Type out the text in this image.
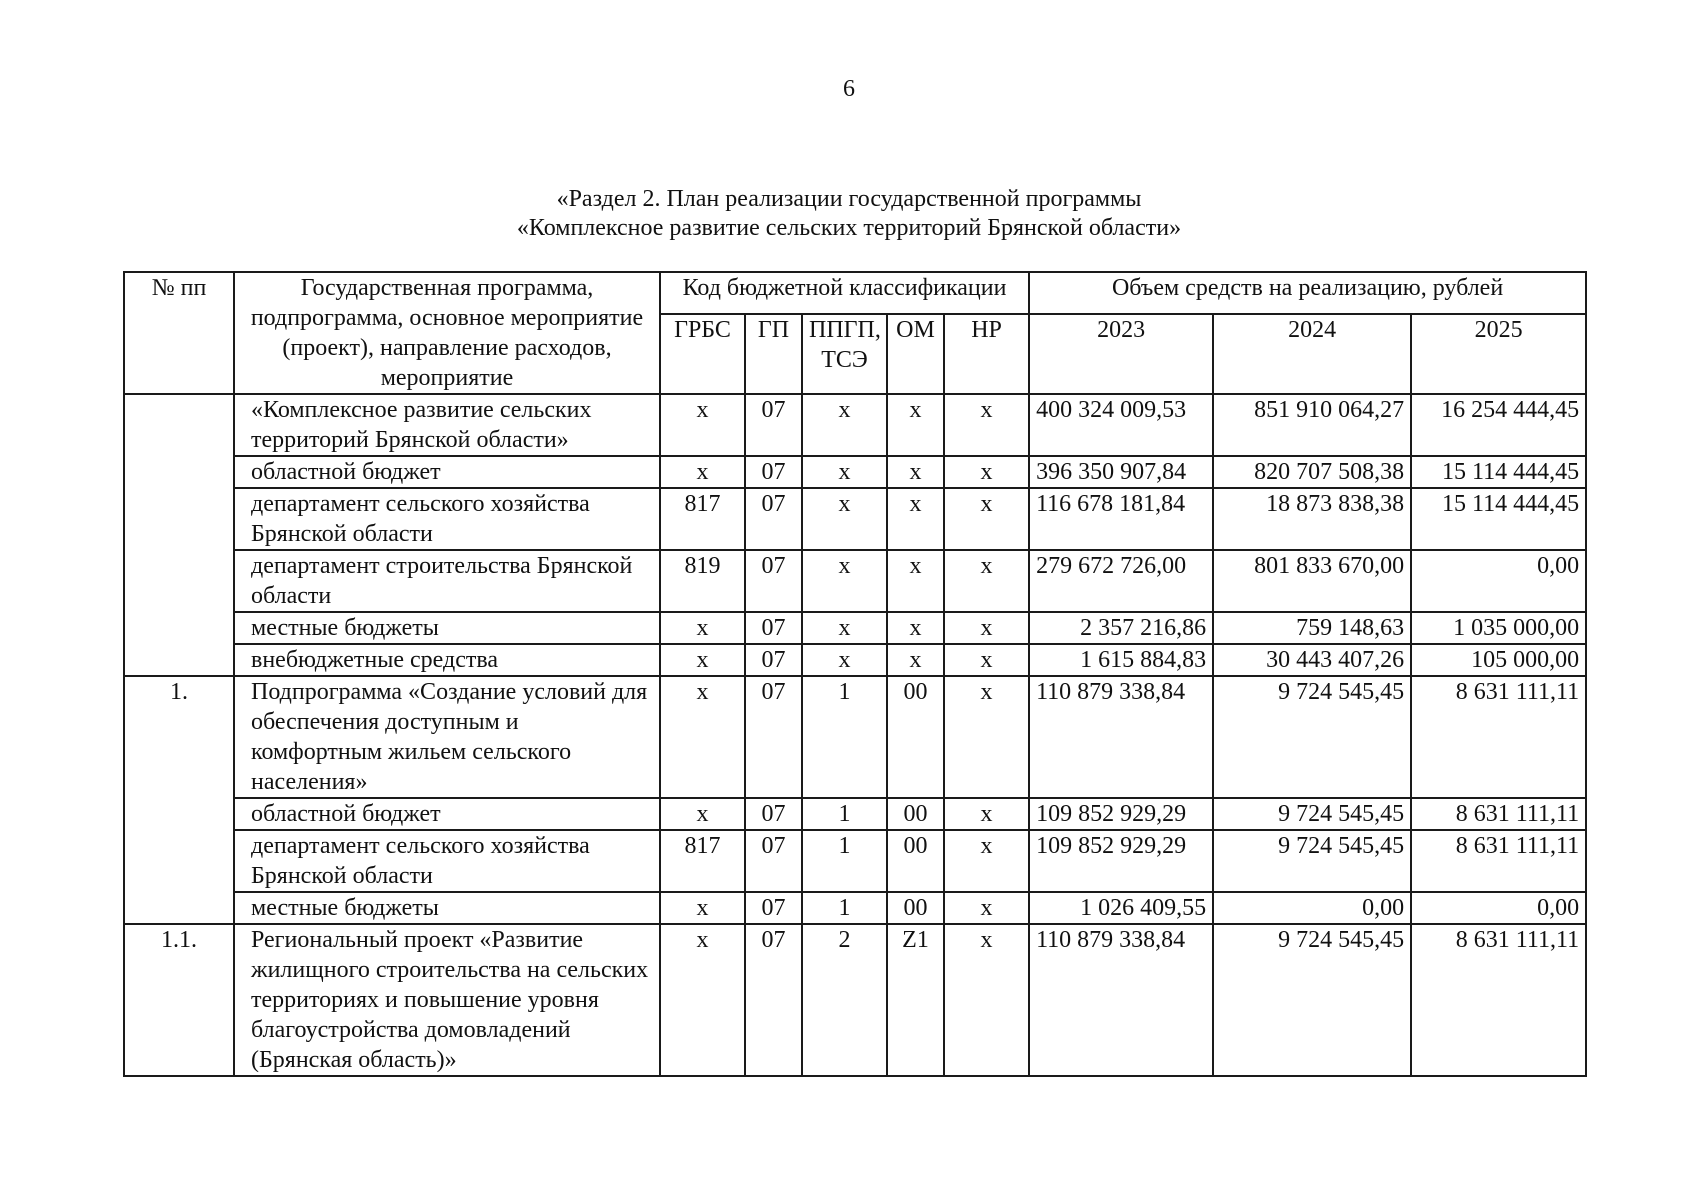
6
«Раздел 2. План реализации государственной программы
«Комплексное развитие сельских территорий Брянской области»
№ пп	Государственная программа, подпрограмма, основное мероприятие (проект), направление расходов, мероприятие	Код бюджетной классификации					Объем средств на реализацию, рублей		
		ГРБС	ГП	ППГП, ТСЭ	ОМ	НР	2023	2024	2025
	«Комплексное развитие сельских территорий Брянской области»	х	07	х	х	х	400 324 009,53	851 910 064,27	16 254 444,45
	областной бюджет	х	07	х	х	х	396 350 907,84	820 707 508,38	15 114 444,45
	департамент сельского хозяйства Брянской области	817	07	х	х	х	116 678 181,84	18 873 838,38	15 114 444,45
	департамент строительства Брянской области	819	07	х	х	х	279 672 726,00	801 833 670,00	0,00
	местные бюджеты	х	07	х	х	х	2 357 216,86	759 148,63	1 035 000,00
	внебюджетные средства	х	07	х	х	х	1 615 884,83	30 443 407,26	105 000,00
1.	Подпрограмма «Создание условий для обеспечения доступным и комфортным жильем сельского населения»	х	07	1	00	х	110 879 338,84	9 724 545,45	8 631 111,11
	областной бюджет	х	07	1	00	х	109 852 929,29	9 724 545,45	8 631 111,11
	департамент сельского хозяйства Брянской области	817	07	1	00	х	109 852 929,29	9 724 545,45	8 631 111,11
	местные бюджеты	х	07	1	00	х	1 026 409,55	0,00	0,00
1.1.	Региональный проект «Развитие жилищного строительства на сельских территориях и повышение уровня благоустройства домовладений (Брянская область)»	х	07	2	Z1	х	110 879 338,84	9 724 545,45	8 631 111,11
